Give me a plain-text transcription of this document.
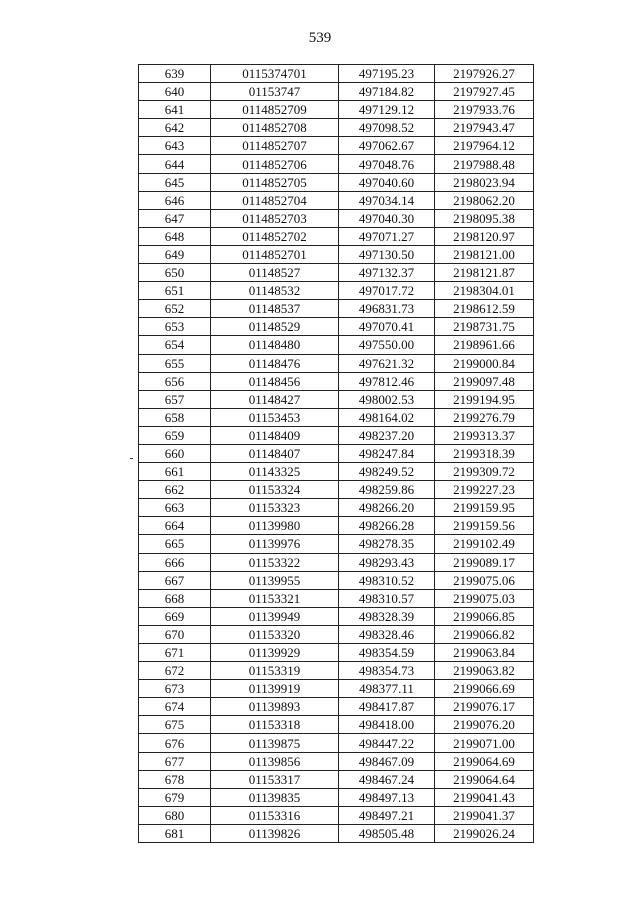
539
639	0115374701	497195.23	2197926.27
640	01153747	497184.82	2197927.45
641	0114852709	497129.12	2197933.76
642	0114852708	497098.52	2197943.47
643	0114852707	497062.67	2197964.12
644	0114852706	497048.76	2197988.48
645	0114852705	497040.60	2198023.94
646	0114852704	497034.14	2198062.20
647	0114852703	497040.30	2198095.38
648	0114852702	497071.27	2198120.97
649	0114852701	497130.50	2198121.00
650	01148527	497132.37	2198121.87
651	01148532	497017.72	2198304.01
652	01148537	496831.73	2198612.59
653	01148529	497070.41	2198731.75
654	01148480	497550.00	2198961.66
655	01148476	497621.32	2199000.84
656	01148456	497812.46	2199097.48
657	01148427	498002.53	2199194.95
658	01153453	498164.02	2199276.79
659	01148409	498237.20	2199313.37
660	01148407	498247.84	2199318.39
661	01143325	498249.52	2199309.72
662	01153324	498259.86	2199227.23
663	01153323	498266.20	2199159.95
664	01139980	498266.28	2199159.56
665	01139976	498278.35	2199102.49
666	01153322	498293.43	2199089.17
667	01139955	498310.52	2199075.06
668	01153321	498310.57	2199075.03
669	01139949	498328.39	2199066.85
670	01153320	498328.46	2199066.82
671	01139929	498354.59	2199063.84
672	01153319	498354.73	2199063.82
673	01139919	498377.11	2199066.69
674	01139893	498417.87	2199076.17
675	01153318	498418.00	2199076.20
676	01139875	498447.22	2199071.00
677	01139856	498467.09	2199064.69
678	01153317	498467.24	2199064.64
679	01139835	498497.13	2199041.43
680	01153316	498497.21	2199041.37
681	01139826	498505.48	2199026.24
